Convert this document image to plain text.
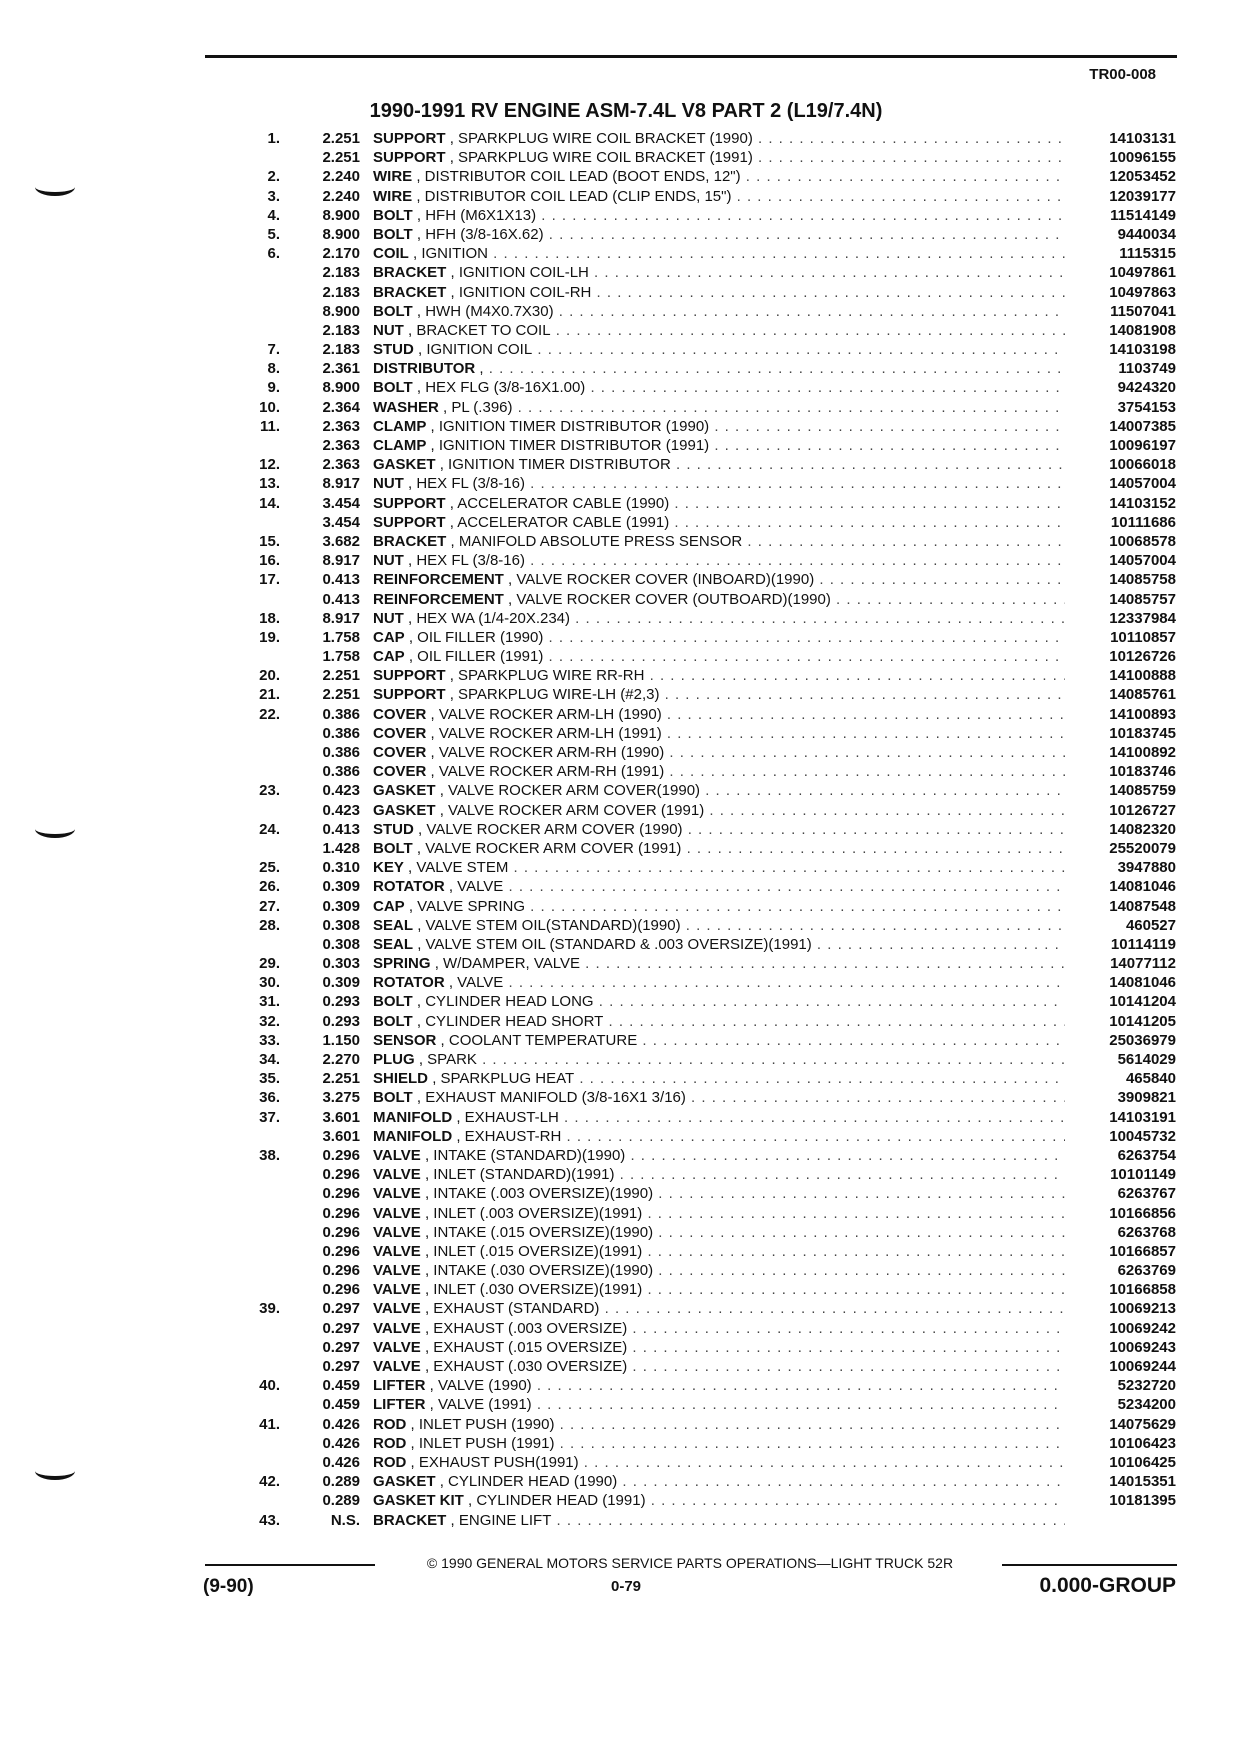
TR00-008
1990-1991 RV ENGINE ASM-7.4L V8 PART 2 (L19/7.4N)
1.	2.251 SUPPORT , SPARKPLUG WIRE COIL BRACKET (1990) . . .	14103131
2.251 SUPPORT , SPARKPLUG WIRE COIL BRACKET (1991) . . .	10096155
2.	2.240 WIRE , DISTRIBUTOR COIL LEAD (BOOT ENDS, 12") . . .	12053452
3.	2.240 WIRE , DISTRIBUTOR COIL LEAD (CLIP ENDS, 15") . . .	12039177
4.	8.900 BOLT , HFH (M6X1X13) . . .	11514149
5.	8.900 BOLT , HFH (3/8-16X.62) . . .	9440034
6.	2.170 COIL , IGNITION . . .	1115315
2.183 BRACKET , IGNITION COIL-LH . . .	10497861
2.183 BRACKET , IGNITION COIL-RH . . .	10497863
8.900 BOLT , HWH (M4X0.7X30) . . .	11507041
2.183 NUT , BRACKET TO COIL . . .	14081908
7.	2.183 STUD , IGNITION COIL . . .	14103198
8.	2.361 DISTRIBUTOR , . . .	1103749
9.	8.900 BOLT , HEX FLG (3/8-16X1.00) . . .	9424320
10.	2.364 WASHER , PL (.396) . . .	3754153
11.	2.363 CLAMP , IGNITION TIMER DISTRIBUTOR (1990) . . .	14007385
2.363 CLAMP , IGNITION TIMER DISTRIBUTOR (1991) . . .	10096197
12.	2.363 GASKET , IGNITION TIMER DISTRIBUTOR . . .	10066018
13.	8.917 NUT , HEX FL (3/8-16) . . .	14057004
14.	3.454 SUPPORT , ACCELERATOR CABLE (1990) . . .	14103152
3.454 SUPPORT , ACCELERATOR CABLE (1991) . . .	10111686
15.	3.682 BRACKET , MANIFOLD ABSOLUTE PRESS SENSOR . . .	10068578
16.	8.917 NUT , HEX FL (3/8-16) . . .	14057004
17.	0.413 REINFORCEMENT , VALVE ROCKER COVER (INBOARD)(1990) . . .	14085758
0.413 REINFORCEMENT , VALVE ROCKER COVER (OUTBOARD)(1990) . . .	14085757
18.	8.917 NUT , HEX WA (1/4-20X.234) . . .	12337984
19.	1.758 CAP , OIL FILLER (1990) . . .	10110857
1.758 CAP , OIL FILLER (1991) . . .	10126726
20.	2.251 SUPPORT , SPARKPLUG WIRE RR-RH . . .	14100888
21.	2.251 SUPPORT , SPARKPLUG WIRE-LH (#2,3) . . .	14085761
22.	0.386 COVER , VALVE ROCKER ARM-LH (1990) . . .	14100893
0.386 COVER , VALVE ROCKER ARM-LH (1991) . . .	10183745
0.386 COVER , VALVE ROCKER ARM-RH (1990) . . .	14100892
0.386 COVER , VALVE ROCKER ARM-RH (1991) . . .	10183746
23.	0.423 GASKET , VALVE ROCKER ARM COVER(1990) . . .	14085759
0.423 GASKET , VALVE ROCKER ARM COVER (1991) . . .	10126727
24.	0.413 STUD , VALVE ROCKER ARM COVER (1990) . . .	14082320
1.428 BOLT , VALVE ROCKER ARM COVER (1991) . . .	25520079
25.	0.310 KEY , VALVE STEM . . .	3947880
26.	0.309 ROTATOR , VALVE . . .	14081046
27.	0.309 CAP , VALVE SPRING . . .	14087548
28.	0.308 SEAL , VALVE STEM OIL(STANDARD)(1990) . . .	460527
0.308 SEAL , VALVE STEM OIL (STANDARD & .003 OVERSIZE)(1991) . . .	10114119
29.	0.303 SPRING , W/DAMPER, VALVE . . .	14077112
30.	0.309 ROTATOR , VALVE . . .	14081046
31.	0.293 BOLT , CYLINDER HEAD LONG . . .	10141204
32.	0.293 BOLT , CYLINDER HEAD SHORT . . .	10141205
33.	1.150 SENSOR , COOLANT TEMPERATURE . . .	25036979
34.	2.270 PLUG , SPARK . . .	5614029
35.	2.251 SHIELD , SPARKPLUG HEAT . . .	465840
36.	3.275 BOLT , EXHAUST MANIFOLD (3/8-16X1 3/16) . . .	3909821
37.	3.601 MANIFOLD , EXHAUST-LH . . .	14103191
3.601 MANIFOLD , EXHAUST-RH . . .	10045732
38.	0.296 VALVE , INTAKE (STANDARD)(1990) . . .	6263754
0.296 VALVE , INLET (STANDARD)(1991) . . .	10101149
0.296 VALVE , INTAKE (.003 OVERSIZE)(1990) . . .	6263767
0.296 VALVE , INLET (.003 OVERSIZE)(1991) . . .	10166856
0.296 VALVE , INTAKE (.015 OVERSIZE)(1990) . . .	6263768
0.296 VALVE , INLET (.015 OVERSIZE)(1991) . . .	10166857
0.296 VALVE , INTAKE (.030 OVERSIZE)(1990) . . .	6263769
0.296 VALVE , INLET (.030 OVERSIZE)(1991) . . .	10166858
39.	0.297 VALVE , EXHAUST (STANDARD) . . .	10069213
0.297 VALVE , EXHAUST (.003 OVERSIZE) . . .	10069242
0.297 VALVE , EXHAUST (.015 OVERSIZE) . . .	10069243
0.297 VALVE , EXHAUST (.030 OVERSIZE) . . .	10069244
40.	0.459 LIFTER , VALVE (1990) . . .	5232720
0.459 LIFTER , VALVE (1991) . . .	5234200
41.	0.426 ROD , INLET PUSH (1990) . . .	14075629
0.426 ROD , INLET PUSH (1991) . . .	10106423
0.426 ROD , EXHAUST PUSH(1991) . . .	10106425
42.	0.289 GASKET , CYLINDER HEAD (1990) . . .	14015351
0.289 GASKET KIT , CYLINDER HEAD (1991) . . .	10181395
43.	N.S. BRACKET , ENGINE LIFT . . .
© 1990 GENERAL MOTORS SERVICE PARTS OPERATIONS—LIGHT TRUCK 52R
(9-90)	0-79	0.000-GROUP
